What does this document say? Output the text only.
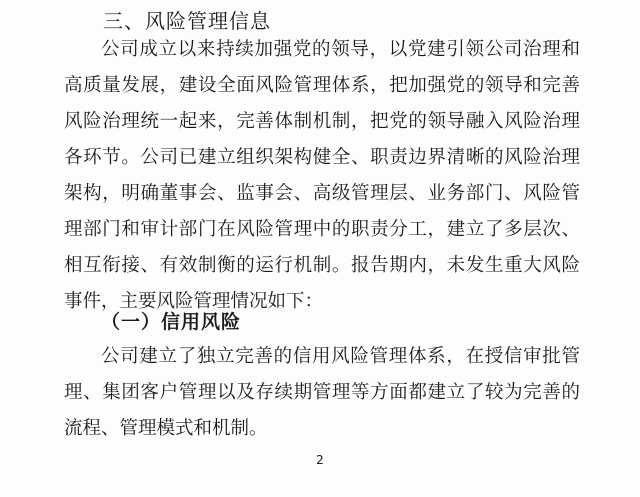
三、风险管理信息
公司成立以来持续加强党的领导，以党建引领公司治理和
高质量发展，建设全面风险管理体系，把加强党的领导和完善
风险治理统一起来，完善体制机制，把党的领导融入风险治理
各环节。公司已建立组织架构健全、职责边界清晰的风险治理
架构，明确董事会、监事会、高级管理层、业务部门、风险管
理部门和审计部门在风险管理中的职责分工，建立了多层次、
相互衔接、有效制衡的运行机制。报告期内，未发生重大风险
事件，主要风险管理情况如下：
（一）信用风险
公司建立了独立完善的信用风险管理体系，在授信审批管
理、集团客户管理以及存续期管理等方面都建立了较为完善的
流程、管理模式和机制。
2
